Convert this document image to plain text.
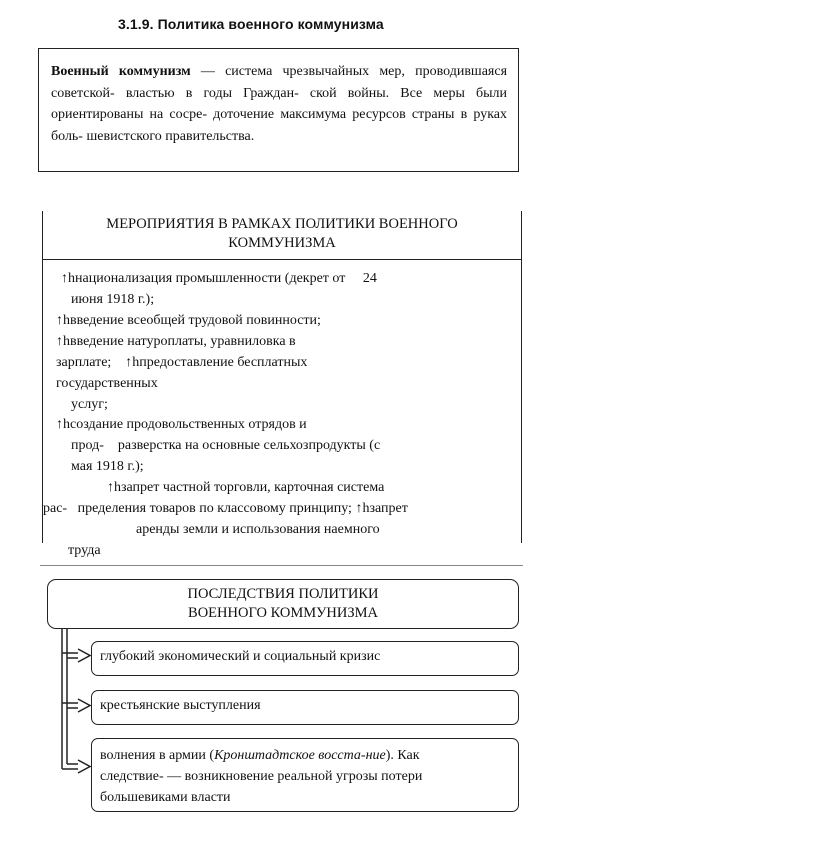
3.1.9. Политика военного коммунизма
Военный коммунизм — система чрезвычайных мер, проводившаяся советской- властью в годы Граждан- ской войны. Все меры были ориентированы на сосре- доточение максимума ресурсов страны в руках боль- шевистского правительства.
МЕРОПРИЯТИЯ В РАМКАХ ПОЛИТИКИ ВОЕННОГО
КОММУНИЗМА
↑hнационализация промышленности (декрет от     24
июня 1918 г.);
↑hвведение всеобщей трудовой повинности;
↑hвведение натуроплаты, уравниловка в
зарплате;    ↑hпредоставление бесплатных
государственных
услуг;
↑hсоздание продовольственных отрядов и
прод-    разверстка на основные сельхозпродукты (с
мая 1918 г.);
↑hзапрет частной торговли, карточная система
рас-   пределения товаров по классовому принципу; ↑hзапрет
аренды земли и использования наемного
труда
ПОСЛЕДСТВИЯ ПОЛИТИКИ
ВОЕННОГО КОММУНИЗМА
глубокий экономический и социальный кризис
крестьянские выступления
волнения в армии (Кронштадтское восста-ние). Как
следствие- — возникновение реальной угрозы потери
большевиками власти
